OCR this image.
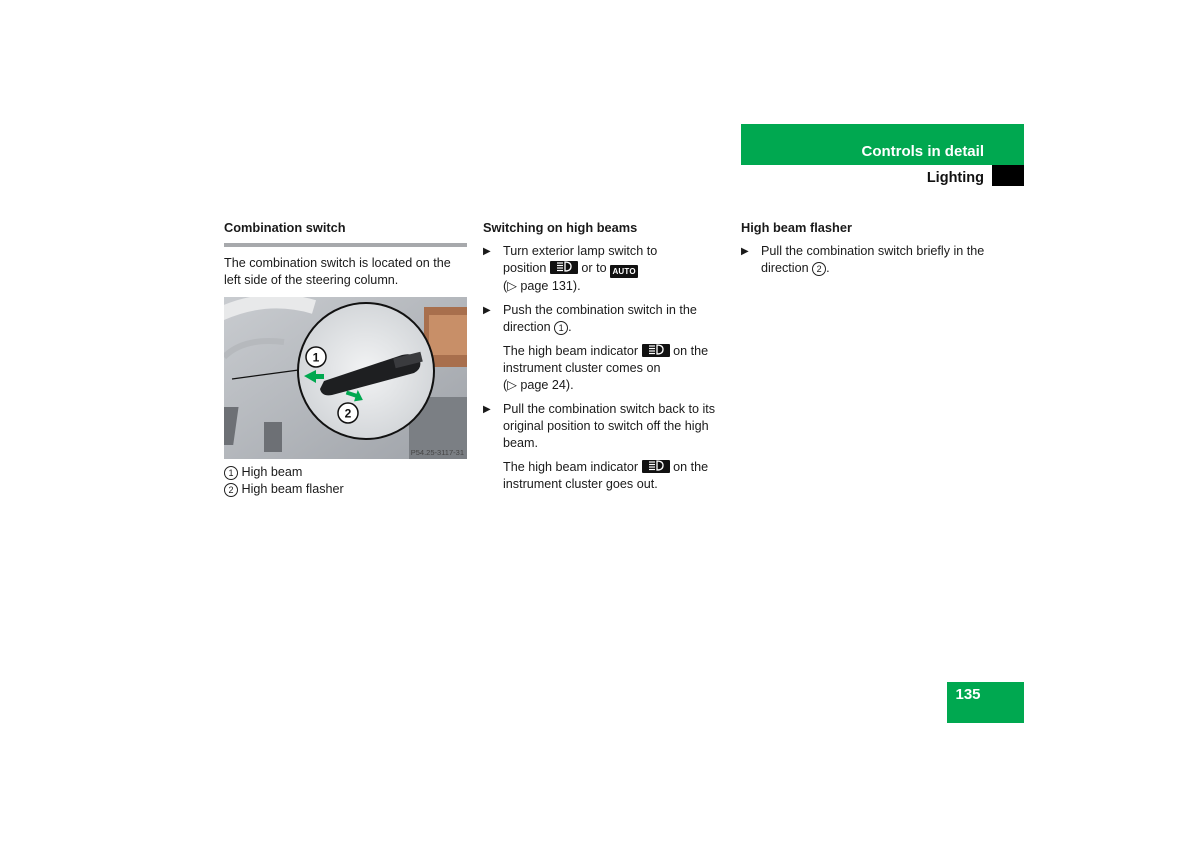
Controls in detail
Lighting
Combination switch

The combination switch is located on the left side of the steering column.

1
2
P54.25-3117-31
1 High beam
2 High beam flasher
Switching on high beams
▶ Turn exterior lamp switch to
position	or to AUTO
(▷ page 131).
▶ Push the combination switch in the direction 1 .
The high beam indicator	on the instrument cluster comes on
(▷ page 24).
▶ Pull the combination switch back to its original position to switch off the high beam.
The high beam indicator	on the instrument cluster goes out.
High beam flasher
▶ Pull the combination switch briefly in the direction 2 .
135
